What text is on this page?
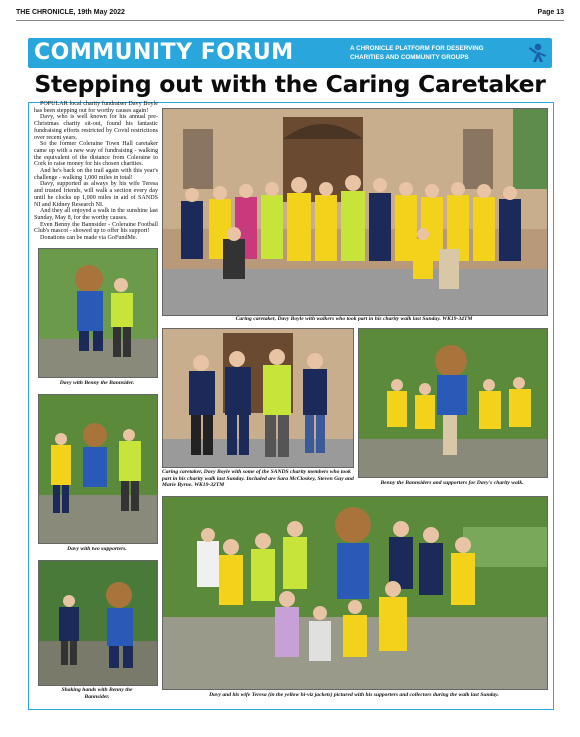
THE CHRONICLE, 19th May 2022	Page 13
COMMUNITY FORUM	A CHRONICLE PLATFORM FOR DESERVING
CHARITIES AND COMMUNITY GROUPS
Stepping out with the Caring Caretaker

POPULAR local charity fundraiser Davy Boyle has been stepping out for worthy causes again!

Davy, who is well known for his annual pre-Christmas charity sit-out, found his fantastic fundraising efforts restricted by Covid restrictions over recent years.

So the former Coleraine Town Hall caretaker came up with a new way of fundraising - walking the equivalent of the distance from Coleraine to Cork to raise money for his chosen charities.

And he's back on the trail again with this year's challenge - walking 1,000 miles in total!

Davy, supported as always by his wife Teresa and trusted friends, will walk a section every day until he clocks up 1,000 miles in aid of SANDS NI and Kidney Research NI.

And they all enjoyed a walk in the sunshine last Sunday, May 8, for the worthy causes.

Even Benny the Bannsider - Coleraine Football Club's mascot - showed up to offer his support!

Donations can be made via GoFundMe.

Caring caretaker, Davy Boyle with walkers who took part in his charity walk last Sunday. WK19-34TM
Davy with Benny the Bannsider.
Davy with two supporters.
Shaking hands with Benny the
Bannsider.
Caring caretaker, Davy Boyle with some of the SANDS charity members who took part in his charity walk last Sunday. Included are Sara McCloskey, Steven Guy and Marie Byrne. WK19-32TM	Benny the Bannsiders and supporters for Davy's charity walk.
Davy and his wife Teresa (in the yellow hi-viz jackets) pictured with his supporters and collectors during the walk last Sunday.
